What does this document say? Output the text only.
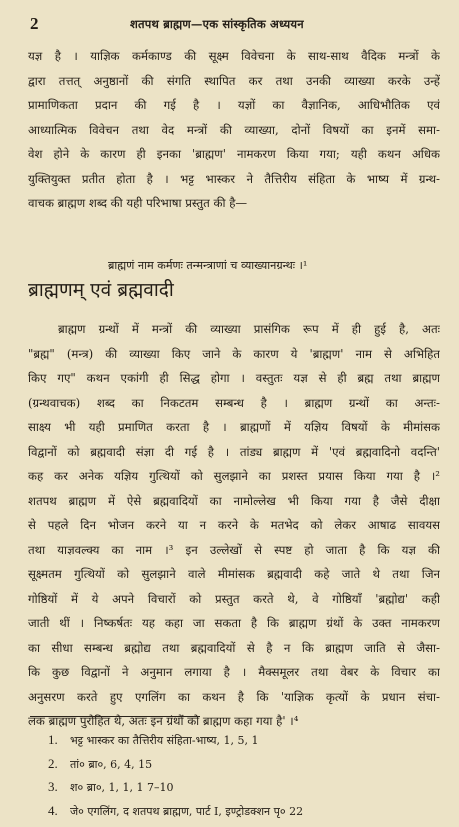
2	शतपथ ब्राह्मण—एक सांस्कृतिक अध्ययन
यज्ञ है । याज्ञिक कर्मकाण्ड की सूक्ष्म विवेचना के साथ-साथ वैदिक मन्त्रों के
द्वारा तत्तत् अनुष्ठानों की संगति स्थापित कर तथा उनकी व्याख्या करके उन्हें
प्रामाणिकता प्रदान की गई है । यज्ञों का वैज्ञानिक, आधिभौतिक एवं
आध्यात्मिक विवेचन तथा वेद मन्त्रों की व्याख्या, दोनों विषयों का इनमें समा-
वेश होने के कारण ही इनका 'ब्राह्मण' नामकरण किया गया; यही कथन अधिक
युक्तियुक्त प्रतीत होता है । भट्ट भास्कर ने तैत्तिरीय संहिता के भाष्य में ग्रन्थ-
वाचक ब्राह्मण शब्द की यही परिभाषा प्रस्तुत की है—
ब्राह्मणं नाम कर्मणः तन्मन्त्राणां च व्याख्यानग्रन्थः ।¹
ब्राह्मणम् एवं ब्रह्मवादी
ब्राह्मण ग्रन्थों में मन्त्रों की व्याख्या प्रासंगिक रूप में ही हुई है, अतः
"ब्रह्म" (मन्त्र) की व्याख्या किए जाने के कारण ये 'ब्राह्मण' नाम से अभिहित
किए गए" कथन एकांगी ही सिद्ध होगा । वस्तुतः यज्ञ से ही ब्रह्म तथा ब्राह्मण
(ग्रन्थवाचक) शब्द का निकटतम सम्बन्ध है । ब्राह्मण ग्रन्थों का अन्तः-
साक्ष्य भी यही प्रमाणित करता है । ब्राह्मणों में यज्ञिय विषयों के मीमांसक
विद्वानों को ब्रह्मवादी संज्ञा दी गई है । तांड्य ब्राह्मण में 'एवं ब्रह्मवादिनो वदन्ति'
कह कर अनेक यज्ञिय गुत्थियों को सुलझाने का प्रशस्त प्रयास किया गया है ।²
शतपथ ब्राह्मण में ऐसे ब्रह्मवादियों का नामोल्लेख भी किया गया है जैसे दीक्षा
से पहले दिन भोजन करने या न करने के मतभेद को लेकर आषाढ सावयस
तथा याज्ञवल्क्य का नाम ।³ इन उल्लेखों से स्पष्ट हो जाता है कि यज्ञ की
सूक्ष्मतम गुत्थियों को सुलझाने वाले मीमांसक ब्रह्मवादी कहे जाते थे तथा जिन
गोष्ठियों में ये अपने विचारों को प्रस्तुत करते थे, वे गोष्ठियाँ 'ब्रह्मोद्य' कही
जाती थीं । निष्कर्षतः यह कहा जा सकता है कि ब्राह्मण ग्रंथों के उक्त नामकरण
का सीधा सम्बन्ध ब्रह्मोद्य तथा ब्रह्मवादियों से है न कि ब्राह्मण जाति से जैसा-
कि कुछ विद्वानों ने अनुमान लगाया है । मैक्समूलर तथा वेबर के विचार का
अनुसरण करते हुए एगलिंग का कथन है कि 'याज्ञिक कृत्यों के प्रधान संचा-
लक ब्राह्मण पुरोहित थे, अतः इन ग्रंथों को ब्राह्मण कहा गया है' ।⁴
1. भट्ट भास्कर का तैत्तिरीय संहिता-भाष्य, 1, 5, 1
2. तां० ब्रा०, 6, 4, 15
3. श० ब्रा०, 1, 1, 1 7–10
4. जे० एगलिंग, द शतपथ ब्राह्मण, पार्ट I, इण्ट्रोडक्शन पृ० 22
